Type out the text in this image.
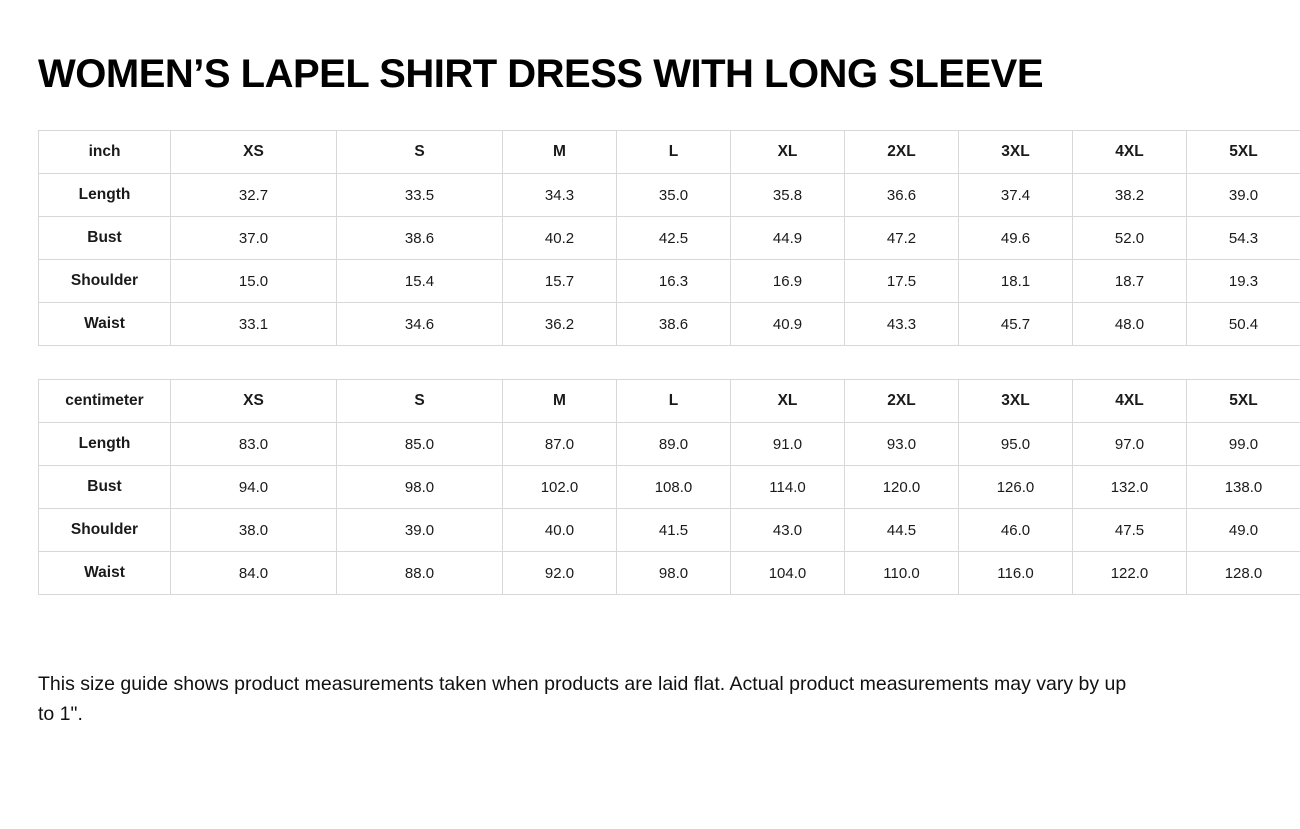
WOMEN’S LAPEL SHIRT DRESS WITH LONG SLEEVE
inch	XS	S	M	L	XL	2XL	3XL	4XL	5XL
Length	32.7	33.5	34.3	35.0	35.8	36.6	37.4	38.2	39.0
Bust	37.0	38.6	40.2	42.5	44.9	47.2	49.6	52.0	54.3
Shoulder	15.0	15.4	15.7	16.3	16.9	17.5	18.1	18.7	19.3
Waist	33.1	34.6	36.2	38.6	40.9	43.3	45.7	48.0	50.4
centimeter	XS	S	M	L	XL	2XL	3XL	4XL	5XL
Length	83.0	85.0	87.0	89.0	91.0	93.0	95.0	97.0	99.0
Bust	94.0	98.0	102.0	108.0	114.0	120.0	126.0	132.0	138.0
Shoulder	38.0	39.0	40.0	41.5	43.0	44.5	46.0	47.5	49.0
Waist	84.0	88.0	92.0	98.0	104.0	110.0	116.0	122.0	128.0

This size guide shows product measurements taken when products are laid flat. Actual product measurements may vary by up to 1".
